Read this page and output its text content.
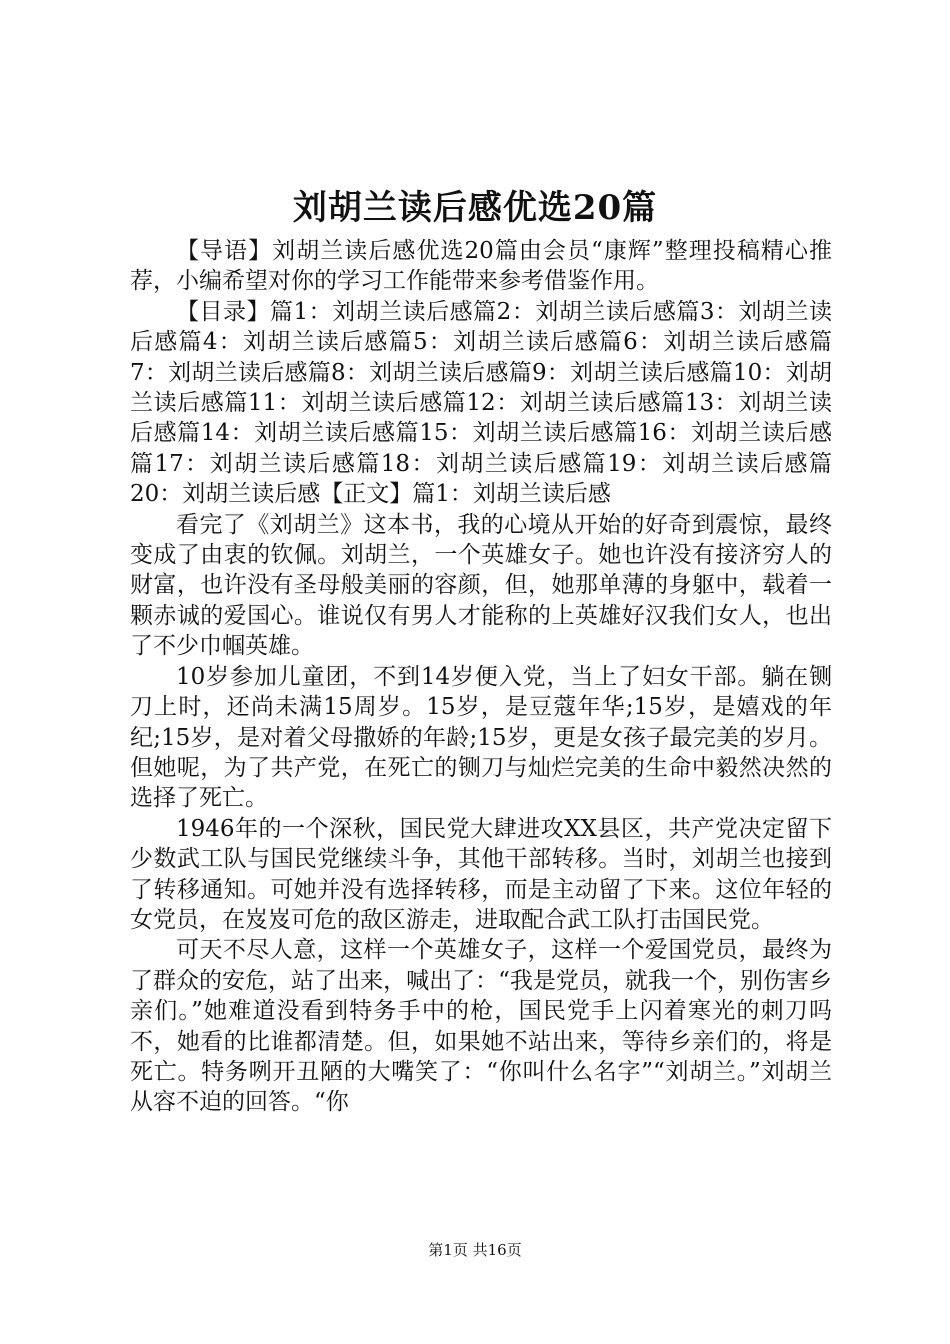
刘胡兰读后感优选20篇

【导语】刘胡兰读后感优选20篇由会员“康辉”整理投稿精心推荐，小编希望对你的学习工作能带来参考借鉴作用。

【目录】篇1：刘胡兰读后感篇2：刘胡兰读后感篇3：刘胡兰读后感篇4：刘胡兰读后感篇5：刘胡兰读后感篇6：刘胡兰读后感篇7：刘胡兰读后感篇8：刘胡兰读后感篇9：刘胡兰读后感篇10：刘胡兰读后感篇11：刘胡兰读后感篇12：刘胡兰读后感篇13：刘胡兰读后感篇14：刘胡兰读后感篇15：刘胡兰读后感篇16：刘胡兰读后感篇17：刘胡兰读后感篇18：刘胡兰读后感篇19：刘胡兰读后感篇20：刘胡兰读后感【正文】篇1：刘胡兰读后感

看完了《刘胡兰》这本书，我的心境从开始的好奇到震惊，最终变成了由衷的钦佩。刘胡兰，一个英雄女子。她也许没有接济穷人的财富，也许没有圣母般美丽的容颜，但，她那单薄的身躯中，载着一颗赤诚的爱国心。谁说仅有男人才能称的上英雄好汉我们女人，也出了不少巾帼英雄。

10岁参加儿童团，不到14岁便入党，当上了妇女干部。躺在铡刀上时，还尚未满15周岁。15岁，是豆蔻年华;15岁，是嬉戏的年纪;15岁，是对着父母撒娇的年龄;15岁，更是女孩子最完美的岁月。但她呢，为了共产党，在死亡的铡刀与灿烂完美的生命中毅然决然的选择了死亡。

1946年的一个深秋，国民党大肆进攻XX县区，共产党决定留下少数武工队与国民党继续斗争，其他干部转移。当时，刘胡兰也接到了转移通知。可她并没有选择转移，而是主动留了下来。这位年轻的女党员，在岌岌可危的敌区游走，进取配合武工队打击国民党。

可天不尽人意，这样一个英雄女子，这样一个爱国党员，最终为了群众的安危，站了出来，喊出了：“我是党员，就我一个，别伤害乡亲们。”她难道没看到特务手中的枪，国民党手上闪着寒光的刺刀吗不，她看的比谁都清楚。但，如果她不站出来，等待乡亲们的，将是死亡。特务咧开丑陋的大嘴笑了：“你叫什么名字”“刘胡兰。”刘胡兰从容不迫的回答。“你

第1页 共16页
